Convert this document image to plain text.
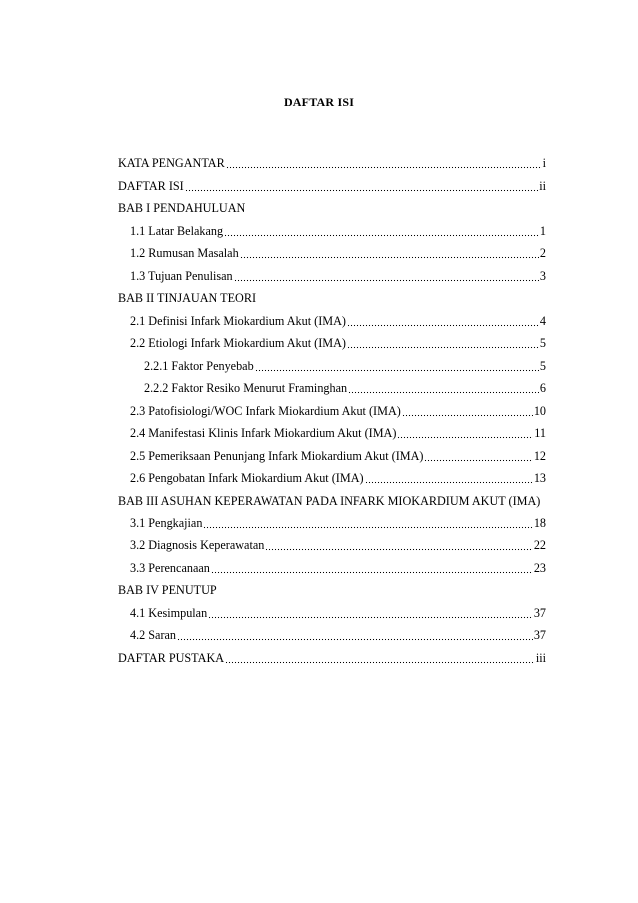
DAFTAR ISI
KATA PENGANTAR	i
DAFTAR ISI	ii
BAB I PENDAHULUAN
1.1 Latar Belakang	1
1.2 Rumusan Masalah	2
1.3 Tujuan Penulisan	3
BAB II TINJAUAN TEORI
2.1 Definisi Infark Miokardium Akut (IMA)	4
2.2 Etiologi Infark Miokardium Akut (IMA)	5
2.2.1 Faktor Penyebab	5
2.2.2 Faktor Resiko Menurut Framinghan	6
2.3 Patofisiologi/WOC Infark Miokardium Akut (IMA)	10
2.4 Manifestasi Klinis Infark Miokardium Akut (IMA)	11
2.5 Pemeriksaan Penunjang Infark Miokardium Akut (IMA)	12
2.6 Pengobatan Infark Miokardium Akut (IMA)	13
BAB III ASUHAN KEPERAWATAN PADA INFARK MIOKARDIUM AKUT (IMA)
3.1 Pengkajian	18
3.2 Diagnosis Keperawatan	22
3.3 Perencanaan	23
BAB IV PENUTUP
4.1 Kesimpulan	37
4.2 Saran	37
DAFTAR PUSTAKA	iii
